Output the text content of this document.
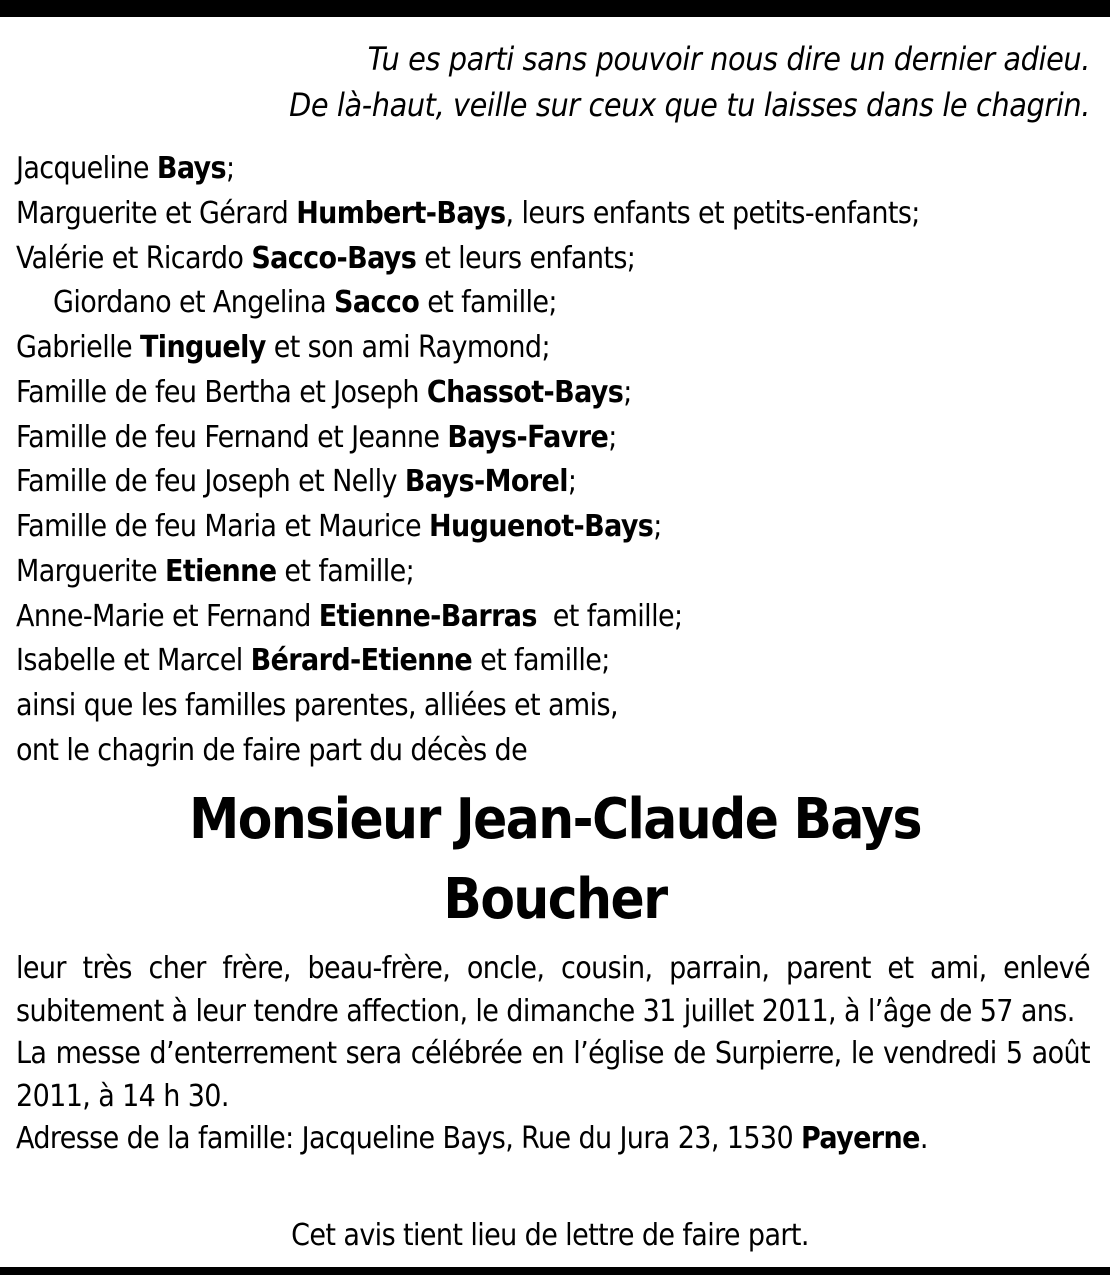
Tu es parti sans pouvoir nous dire un dernier adieu.
De là-haut, veille sur ceux que tu laisses dans le chagrin.
Jacqueline Bays;
Marguerite et Gérard Humbert-Bays, leurs enfants et petits-enfants;
Valérie et Ricardo Sacco-Bays et leurs enfants;
Giordano et Angelina Sacco et famille;
Gabrielle Tinguely et son ami Raymond;
Famille de feu Bertha et Joseph Chassot-Bays;
Famille de feu Fernand et Jeanne Bays-Favre;
Famille de feu Joseph et Nelly Bays-Morel;
Famille de feu Maria et Maurice Huguenot-Bays;
Marguerite Etienne et famille;
Anne-Marie et Fernand Etienne-Barras  et famille;
Isabelle et Marcel Bérard-Etienne et famille;
ainsi que les familles parentes, alliées et amis,
ont le chagrin de faire part du décès de
Monsieur Jean-Claude Bays
Boucher

leur très cher frère, beau-frère, oncle, cousin, parrain, parent et ami, enlevé subitement à leur tendre affection, le dimanche 31 juillet 2011, à l’âge de 57 ans.

La messe d’enterrement sera célébrée en l’église de Surpierre, le vendredi 5 août 2011, à 14 h 30.

Adresse de la famille: Jacqueline Bays, Rue du Jura 23, 1530 Payerne.

Cet avis tient lieu de lettre de faire part.
